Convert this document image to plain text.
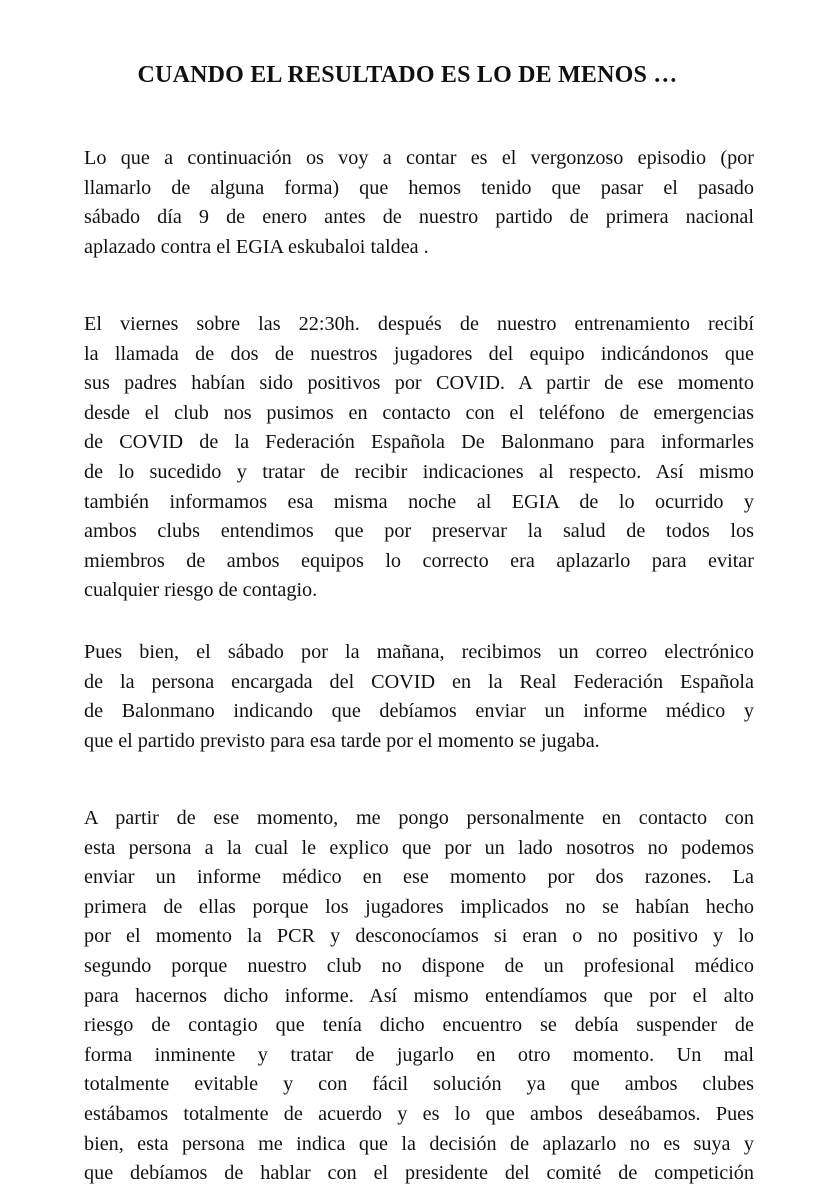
CUANDO EL RESULTADO ES LO DE MENOS …
Lo que a continuación os voy a contar es el vergonzoso episodio (por
llamarlo de alguna forma) que hemos tenido que pasar el pasado
sábado día 9 de enero antes de nuestro partido de primera nacional
aplazado contra el EGIA eskubaloi taldea .
El viernes sobre las 22:30h. después de nuestro entrenamiento recibí
la llamada de dos de nuestros jugadores del equipo indicándonos que
sus padres habían sido positivos por COVID. A partir de ese momento
desde el club nos pusimos en contacto con el teléfono de emergencias
de COVID de la Federación Española De Balonmano para informarles
de lo sucedido y tratar de recibir indicaciones al respecto. Así mismo
también informamos esa misma noche al EGIA de lo ocurrido y
ambos clubs entendimos que por preservar la salud de todos los
miembros de ambos equipos lo correcto era aplazarlo para evitar
cualquier riesgo de contagio.
Pues bien, el sábado por la mañana, recibimos un correo electrónico
de la persona encargada del COVID en la Real Federación Española
de Balonmano indicando que debíamos enviar un informe médico y
que el partido previsto para esa tarde por el momento se jugaba.
A partir de ese momento, me pongo personalmente en contacto con
esta persona a la cual le explico que por un lado nosotros no podemos
enviar un informe médico en ese momento por dos razones. La
primera de ellas porque los jugadores implicados no se habían hecho
por el momento la PCR y desconocíamos si eran o no positivo y lo
segundo porque nuestro club no dispone de un profesional médico
para hacernos dicho informe. Así mismo entendíamos que por el alto
riesgo de contagio que tenía dicho encuentro se debía suspender de
forma inminente y tratar de jugarlo en otro momento. Un mal
totalmente evitable y con fácil solución ya que ambos clubes
estábamos totalmente de acuerdo y es lo que ambos deseábamos. Pues
bien, esta persona me indica que la decisión de aplazarlo no es suya y
que debíamos de hablar con el presidente del comité de competición
